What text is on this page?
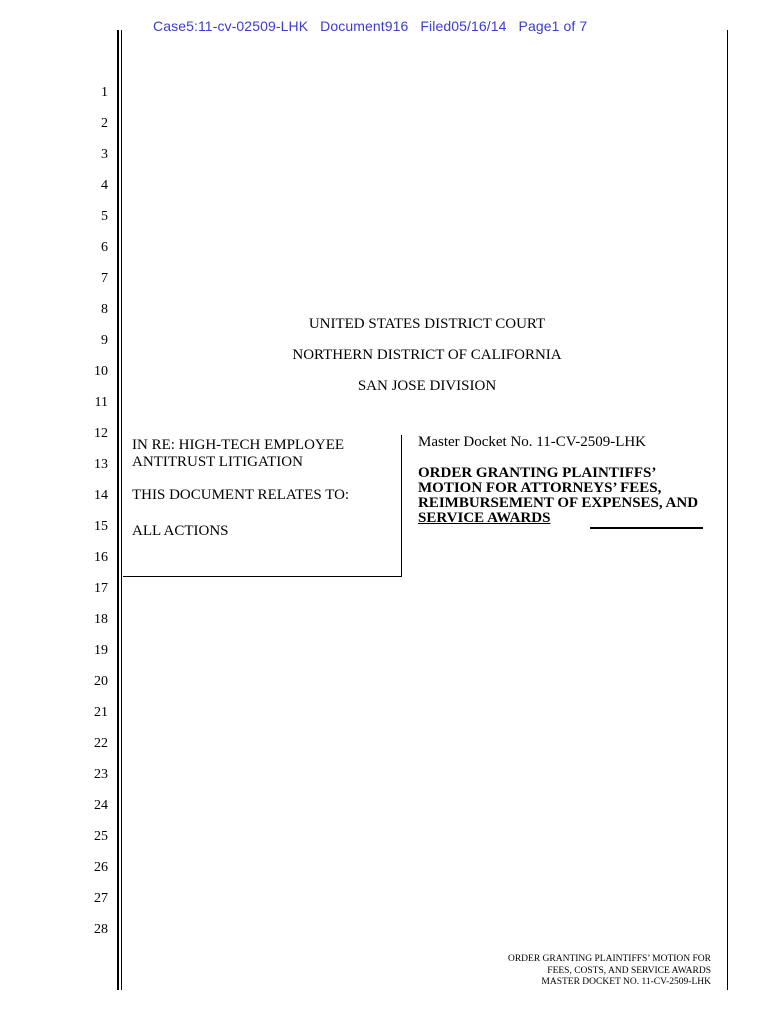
Case5:11-cv-02509-LHK Document916 Filed05/16/14 Page1 of 7
1
2
3
4
5
6
7
8
9
10
11
12
13
14
15
16
17
18
19
20
21
22
23
24
25
26
27
28
UNITED STATES DISTRICT COURT
NORTHERN DISTRICT OF CALIFORNIA
SAN JOSE DIVISION
IN RE: HIGH-TECH EMPLOYEE
ANTITRUST LITIGATION
THIS DOCUMENT RELATES TO:
ALL ACTIONS
Master Docket No. 11-CV-2509-LHK
ORDER GRANTING PLAINTIFFS’
MOTION FOR ATTORNEYS’ FEES,
REIMBURSEMENT OF EXPENSES, AND
SERVICE AWARDS
ORDER GRANTING PLAINTIFFS’ MOTION FOR
FEES, COSTS, AND SERVICE AWARDS
MASTER DOCKET NO. 11-CV-2509-LHK
